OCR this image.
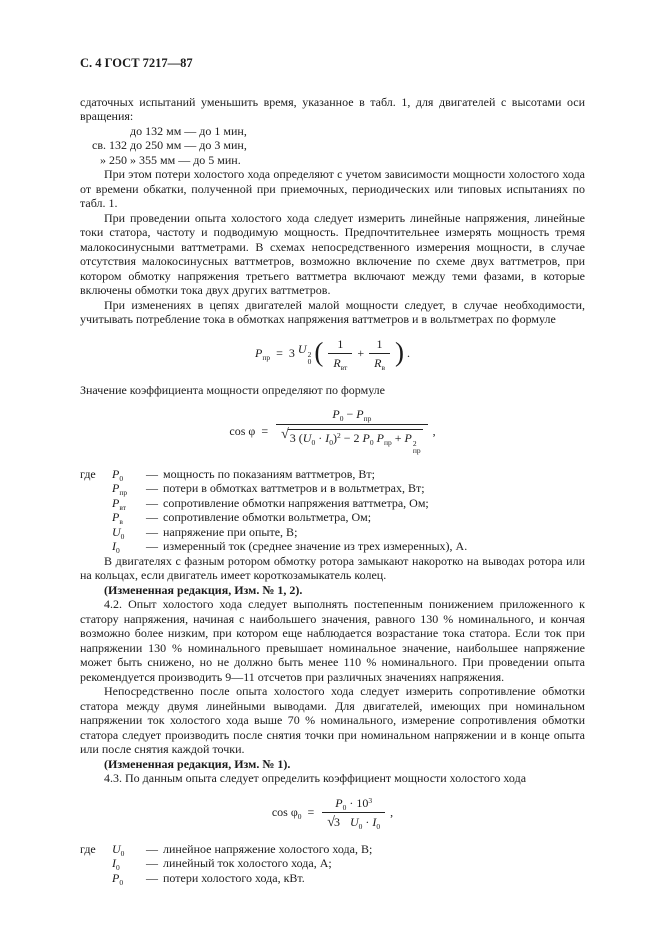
С. 4 ГОСТ 7217—87

сдаточных испытаний уменьшить время, указанное в табл. 1, для двигателей с высотами оси вращения:

до 132 мм — до 1 мин,
св. 132 до 250 мм — до 3 мин,
» 250 » 355 мм — до 5 мин.

При этом потери холостого хода определяют с учетом зависимости мощности холостого хода от времени обкатки, полученной при приемочных, периодических или типовых испытаниях по табл. 1.

При проведении опыта холостого хода следует измерить линейные напряжения, линейные токи статора, частоту и подводимую мощность. Предпочтительнее измерять мощность тремя малокосинусными ваттметрами. В схемах непосредственного измерения мощности, в случае отсутствия малокосинусных ваттметров, возможно включение по схеме двух ваттметров, при котором обмотку напряжения третьего ваттметра включают между теми фазами, в которые включены обмотки тока двух других ваттметров.

При изменениях в цепях двигателей малой мощности следует, в случае необходимости, учитывать потребление тока в обмотках напряжения ваттметров и в вольтметрах по формуле

$P_{пр} = 3$ U 2
0 ( $\frac{1}{R_{вт}} + \frac{1}{R_в}$ ) .

Значение коэффициента мощности определяют по формуле

cos φ =
$P_0 - P_{пр}$
√ 3 $(U_0 \cdot I_0)^2 - 2$ $P_0$ $P_{пр} + P$ 2
пр
,
где	$P_0$	— мощность по показаниям ваттметров, Вт;
$P_{пр}$	— потери в обмотках ваттметров и в вольтметрах, Вт;
$P_{вт}$	— сопротивление обмотки напряжения ваттметра, Ом;
$P_в$	— сопротивление обмотки вольтметра, Ом;
$U_0$	— напряжение при опыте, В;
$I_0$	— измеренный ток (среднее значение из трех измеренных), А.

В двигателях с фазным ротором обмотку ротора замыкают накоротко на выводах ротора или на кольцах, если двигатель имеет короткозамыкатель колец.

(Измененная редакция, Изм. № 1, 2).

4.2. Опыт холостого хода следует выполнять постепенным понижением приложенного к статору напряжения, начиная с наибольшего значения, равного 130 % номинального, и кончая возможно более низким, при котором еще наблюдается возрастание тока статора. Если ток при напряжении 130 % номинального превышает номинальное значение, наибольшее напряжение может быть снижено, но не должно быть менее 110 % номинального. При проведении опыта рекомендуется производить 9—11 отсчетов при различных значениях напряжения.

Непосредственно после опыта холостого хода следует измерить сопротивление обмотки статора между двумя линейными выводами. Для двигателей, имеющих при номинальном напряжении ток холостого хода выше 70 % номинального, измерение сопротивления обмотки статора следует производить после снятия точки при номинальном напряжении и в конце опыта или после снятия каждой точки.

(Измененная редакция, Изм. № 1).

4.3. По данным опыта следует определить коэффициент мощности холостого хода

$\cos \varphi_0 = \frac{P_0 \cdot 10^3}{√3 U_0 \cdot I_0}$ ,
где	$U_0$	— линейное напряжение холостого хода, В;
$I_0$	— линейный ток холостого хода, А;
$P_0$	— потери холостого хода, кВт.
